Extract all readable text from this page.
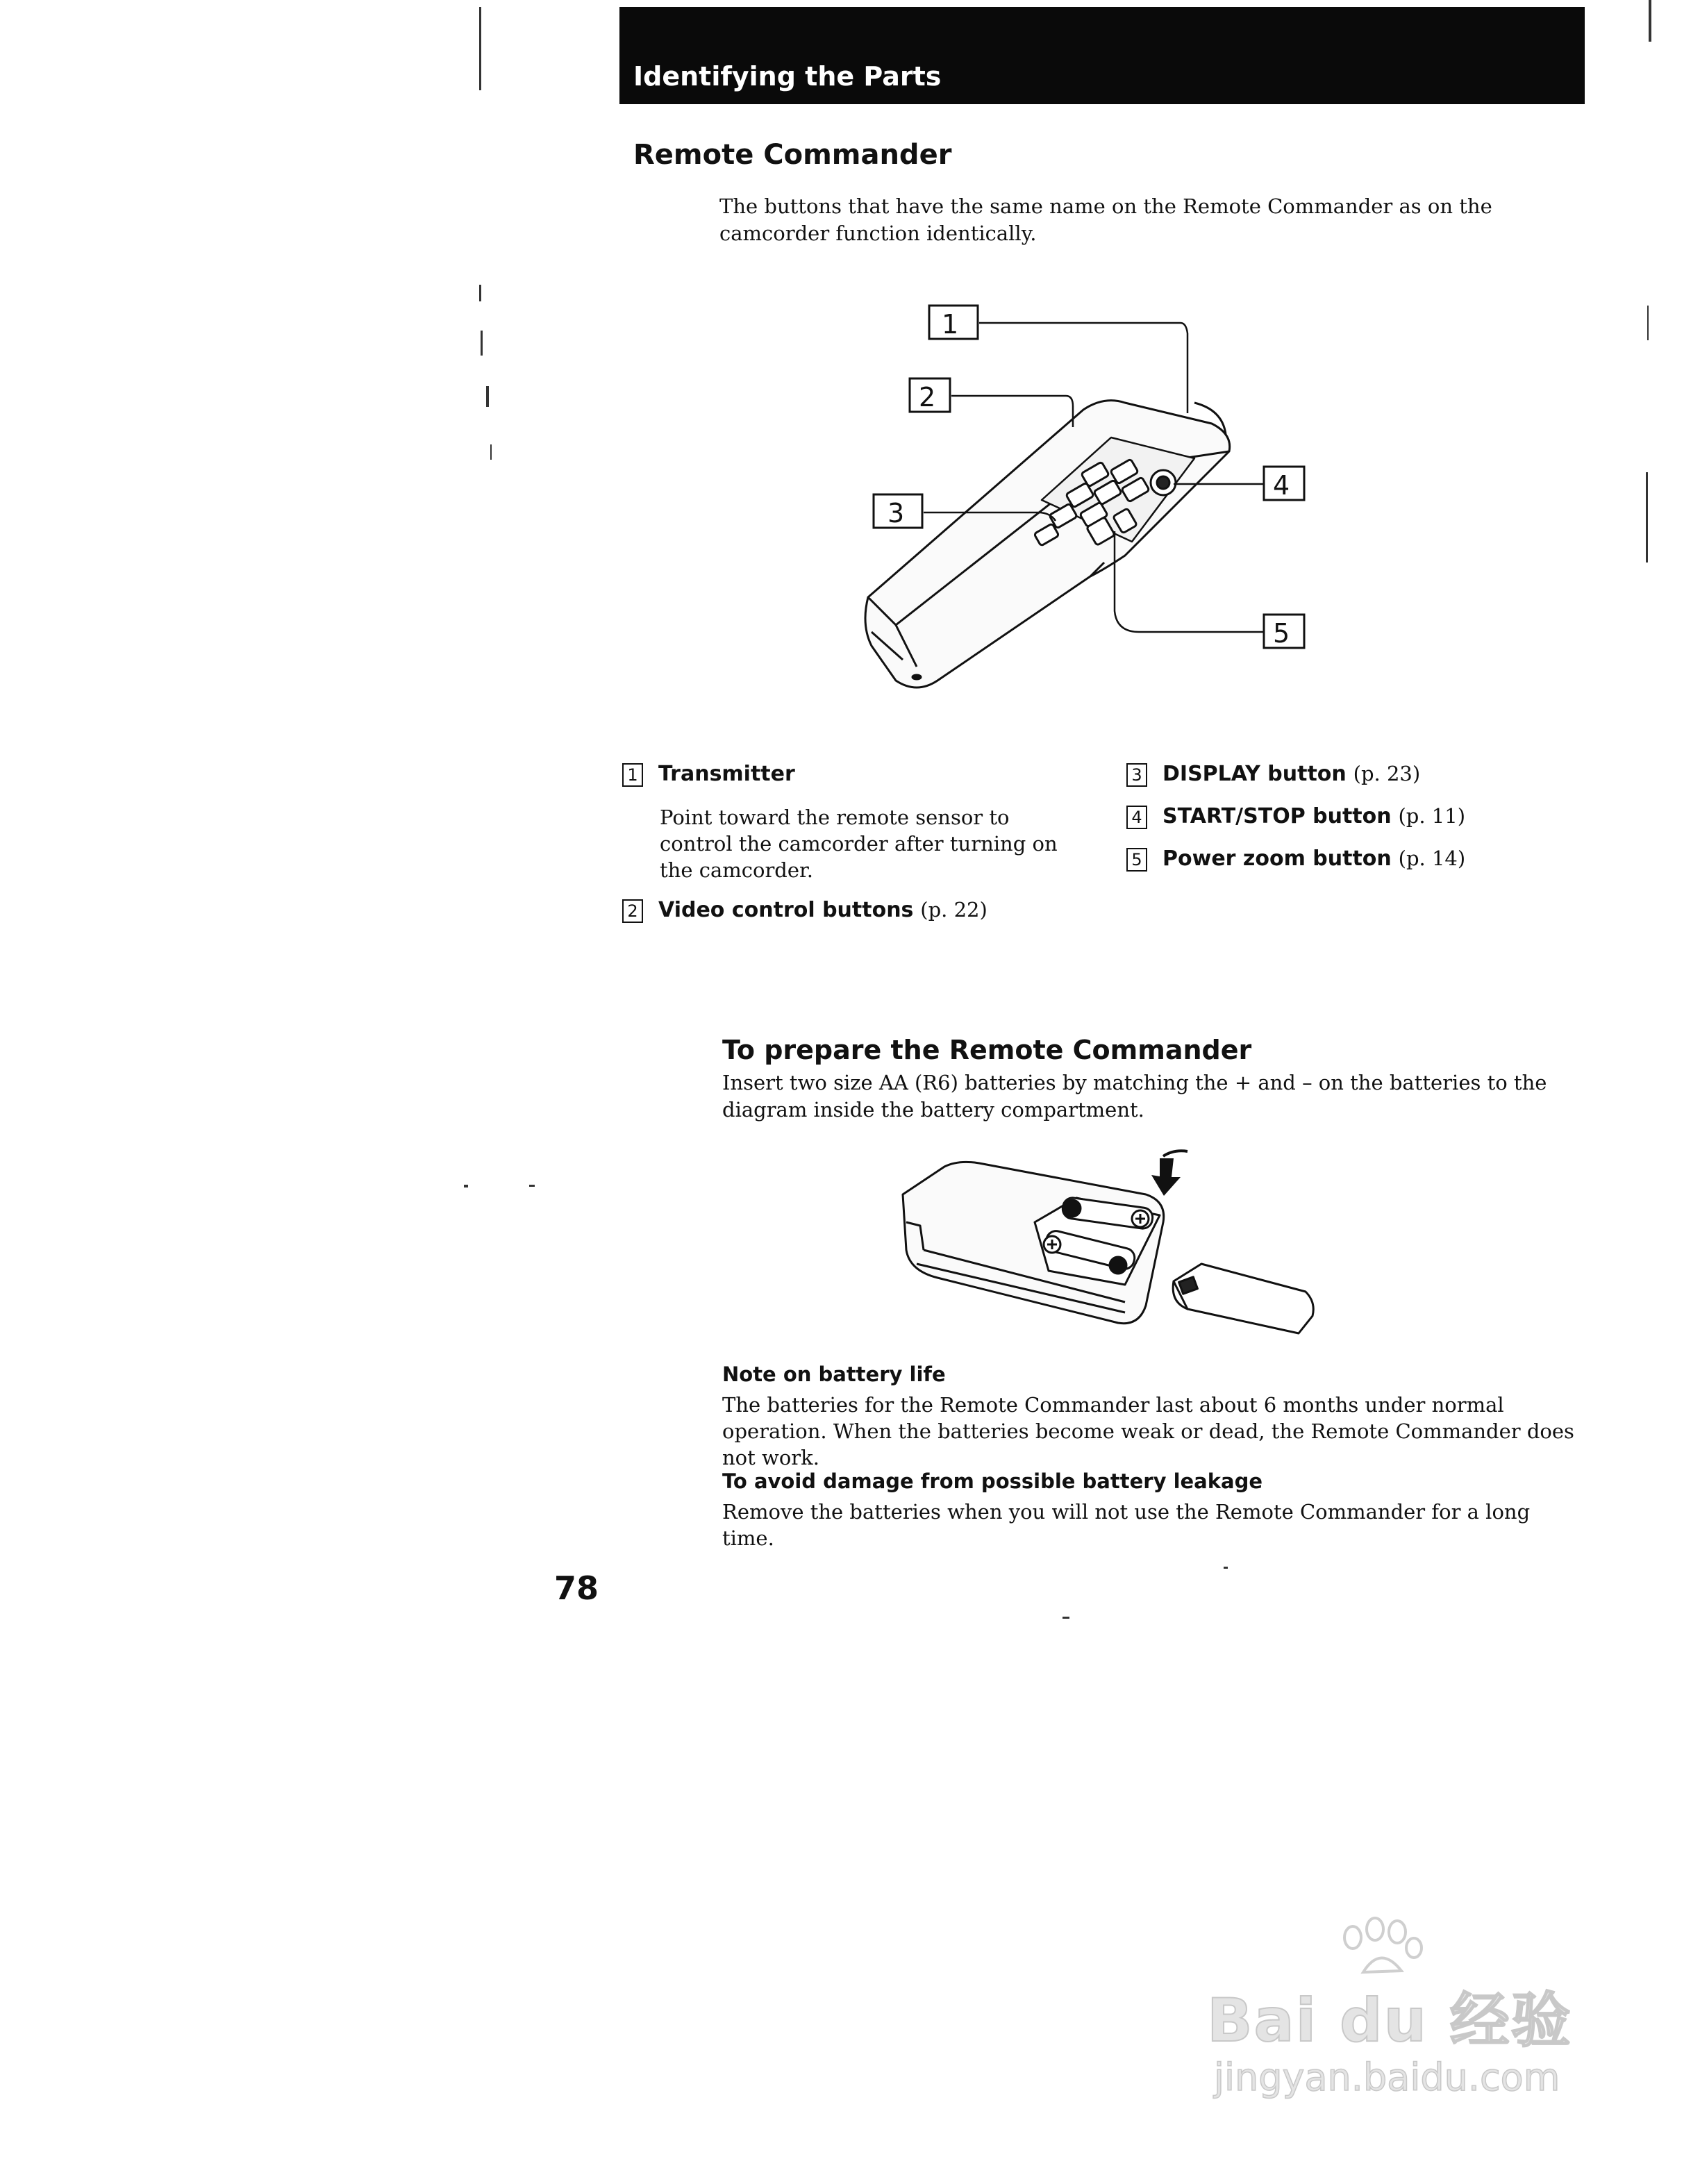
Identifying the Parts
Remote Commander
The buttons that have the same name on the Remote Commander as on the camcorder function identically.
1
2
3
4
5
1 Transmitter
Point toward the remote sensor to control the camcorder after turning on the camcorder.
2 Video control buttons (p. 22)
3 DISPLAY button (p. 23)
4 START/STOP button (p. 11)
5 Power zoom button (p. 14)
To prepare the Remote Commander
Insert two size AA (R6) batteries by matching the + and – on the batteries to the diagram inside the battery compartment.
Note on battery life
The batteries for the Remote Commander last about 6 months under normal operation. When the batteries become weak or dead, the Remote Commander does not work.
To avoid damage from possible battery leakage
Remove the batteries when you will not use the Remote Commander for a long time.
78
Bai du 经验
jingyan.baidu.com
